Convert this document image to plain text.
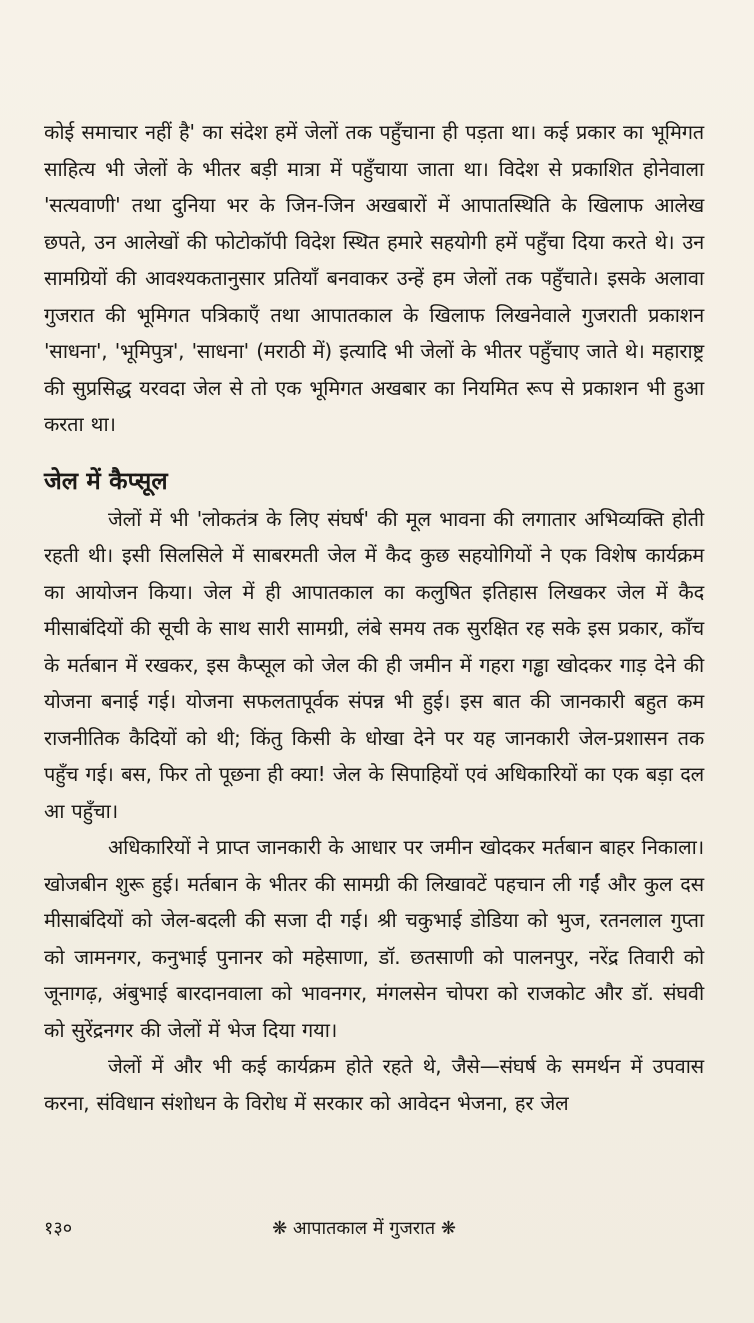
कोई समाचार नहीं है' का संदेश हमें जेलों तक पहुँचाना ही पड़ता था। कई प्रकार का भूमिगत साहित्य भी जेलों के भीतर बड़ी मात्रा में पहुँचाया जाता था। विदेश से प्रकाशित होनेवाला 'सत्यवाणी' तथा दुनिया भर के जिन-जिन अखबारों में आपातस्थिति के खिलाफ आलेख छपते, उन आलेखों की फोटोकॉपी विदेश स्थित हमारे सहयोगी हमें पहुँचा दिया करते थे। उन सामग्रियों की आवश्यकतानुसार प्रतियाँ बनवाकर उन्हें हम जेलों तक पहुँचाते। इसके अलावा गुजरात की भूमिगत पत्रिकाएँ तथा आपातकाल के खिलाफ लिखनेवाले गुजराती प्रकाशन 'साधना', 'भूमिपुत्र', 'साधना' (मराठी में) इत्यादि भी जेलों के भीतर पहुँचाए जाते थे। महाराष्ट्र की सुप्रसिद्ध यरवदा जेल से तो एक भूमिगत अखबार का नियमित रूप से प्रकाशन भी हुआ करता था।

जेल में कैप्सूल

जेलों में भी 'लोकतंत्र के लिए संघर्ष' की मूल भावना की लगातार अभिव्यक्ति होती रहती थी। इसी सिलसिले में साबरमती जेल में कैद कुछ सहयोगियों ने एक विशेष कार्यक्रम का आयोजन किया। जेल में ही आपातकाल का कलुषित इतिहास लिखकर जेल में कैद मीसाबंदियों की सूची के साथ सारी सामग्री, लंबे समय तक सुरक्षित रह सके इस प्रकार, काँच के मर्तबान में रखकर, इस कैप्सूल को जेल की ही जमीन में गहरा गड्ढा खोदकर गाड़ देने की योजना बनाई गई। योजना सफलतापूर्वक संपन्न भी हुई। इस बात की जानकारी बहुत कम राजनीतिक कैदियों को थी; किंतु किसी के धोखा देने पर यह जानकारी जेल-प्रशासन तक पहुँच गई। बस, फिर तो पूछना ही क्या! जेल के सिपाहियों एवं अधिकारियों का एक बड़ा दल आ पहुँचा।

अधिकारियों ने प्राप्त जानकारी के आधार पर जमीन खोदकर मर्तबान बाहर निकाला। खोजबीन शुरू हुई। मर्तबान के भीतर की सामग्री की लिखावटें पहचान ली गईं और कुल दस मीसाबंदियों को जेल-बदली की सजा दी गई। श्री चकुभाई डोडिया को भुज, रतनलाल गुप्ता को जामनगर, कनुभाई पुनानर को महेसाणा, डॉ. छतसाणी को पालनपुर, नरेंद्र तिवारी को जूनागढ़, अंबुभाई बारदानवाला को भावनगर, मंगलसेन चोपरा को राजकोट और डॉ. संघवी को सुरेंद्रनगर की जेलों में भेज दिया गया।

जेलों में और भी कई कार्यक्रम होते रहते थे, जैसे—संघर्ष के समर्थन में उपवास करना, संविधान संशोधन के विरोध में सरकार को आवेदन भेजना, हर जेल

१३०	❋ आपातकाल में गुजरात ❋
